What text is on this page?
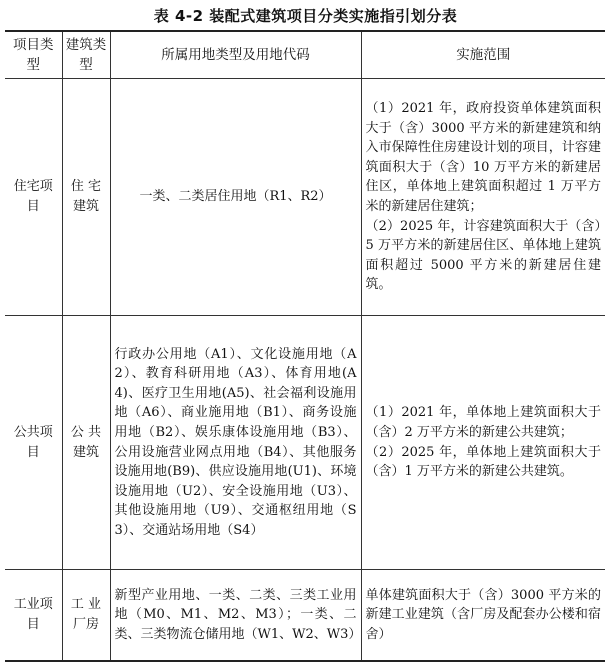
表 4-2 装配式建筑项目分类实施指引划分表
项目类型	建筑类型	所属用地类型及用地代码	实施范围
住宅项目	住 宅建筑	一类、二类居住用地（R1、R2）	（1）2021 年，政府投资单体建筑面积大于（含）3000 平方米的新建建筑和纳入市保障性住房建设计划的项目，计容建筑面积大于（含）10 万平方米的新建居住区，单体地上建筑面积超过 1 万平方米的新建居住建筑；

（2）2025 年，计容建筑面积大于（含）5 万平方米的新建居住区、单体地上建筑面积超过 5000 平方米的新建居住建筑。

公共项目	公 共建筑	行政办公用地（A1）、文化设施用地（A2）、教育科研用地（A3）、体育用地(A4)、医疗卫生用地(A5)、社会福利设施用地（A6）、商业施用地（B1）、商务设施用地（B2）、娱乐康体设施用地（B3）、公用设施营业网点用地（B4）、其他服务设施用地(B9)、供应设施用地(U1)、环境设施用地（U2）、安全设施用地（U3）、其他设施用地（U9）、交通枢纽用地（S3）、交通站场用地（S4）	（1）2021 年，单体地上建筑面积大于（含）2 万平方米的新建公共建筑；

（2）2025 年，单体地上建筑面积大于（含）1 万平方米的新建公共建筑。

工业项目	工 业厂房	新型产业用地、一类、二类、三类工业用地（M0、M1、M2、M3）；一类、二类、三类物流仓储用地（W1、W2、W3）	单体建筑面积大于（含）3000 平方米的新建工业建筑（含厂房及配套办公楼和宿舍）
